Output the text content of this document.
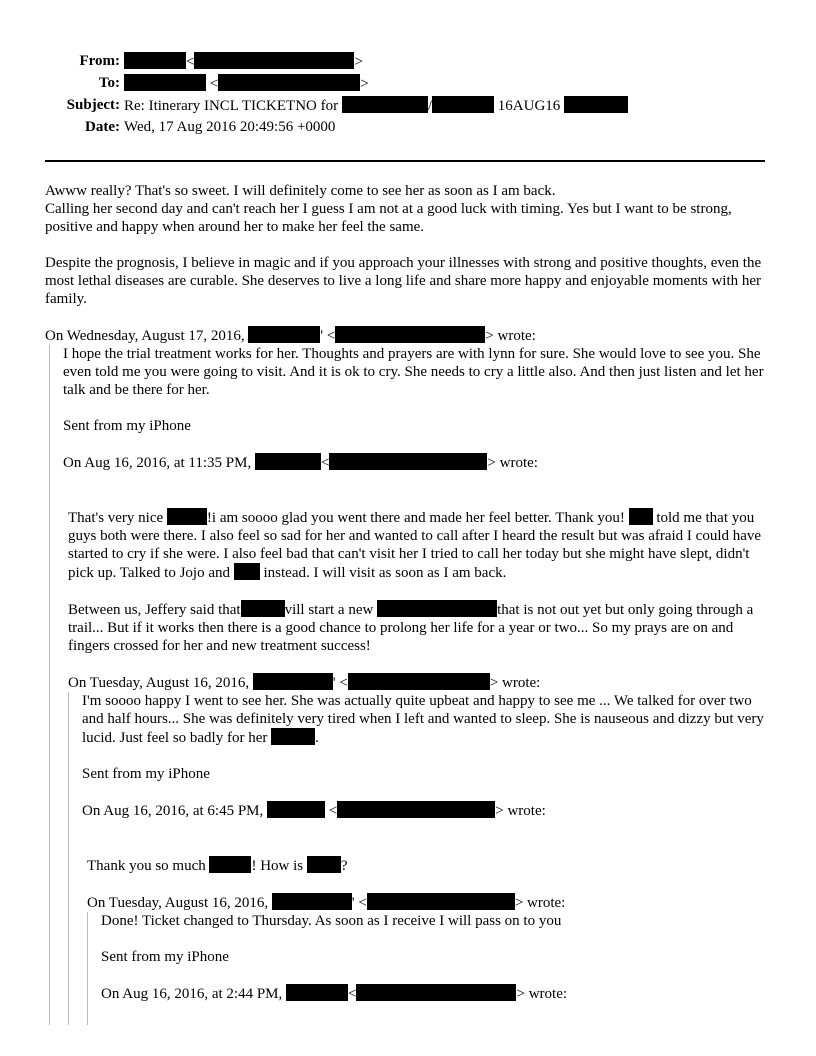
From:	<	>
To:	<	>
Subject: Re: Itinerary INCL TICKETNO for	/	16AUG16
Date: Wed, 17 Aug 2016 20:49:56 +0000

Awww really? That's so sweet. I will definitely come to see her as soon as I am back.
Calling her second day and can't reach her I guess I am not at a good luck with timing. Yes but I want to be strong, positive and happy when around her to make her feel the same.

Despite the prognosis, I believe in magic and if you approach your illnesses with strong and positive thoughts, even the most lethal diseases are curable. She deserves to live a long life and share more happy and enjoyable moments with her family.

On Wednesday, August 17, 2016,	' <	> wrote:

I hope the trial treatment works for her. Thoughts and prayers are with lynn for sure. She would love to see you. She even told me you were going to visit. And it is ok to cry. She needs to cry a little also. And then just listen and let her talk and be there for her.

Sent from my iPhone

On Aug 16, 2016, at 11:35 PM,	<	> wrote:

That's very nice	!i am soooo glad you went there and made her feel better. Thank you! told me that you guys both were there. I also feel so sad for her and wanted to call after I heard the result but was afraid I could have started to cry if she were. I also feel bad that can't visit her I tried to call her today but she might have slept, didn't pick up. Talked to Jojo and instead. I will visit as soon as I am back.

Between us, Jeffery said that	vill start a new	that is not out yet but only going through a trail... But if it works then there is a good chance to prolong her life for a year or two... So my prays are on and fingers crossed for her and new treatment success!

On Tuesday, August 16, 2016,	' <	> wrote:

I'm soooo happy I went to see her. She was actually quite upbeat and happy to see me ... We talked for over two and half hours... She was definitely very tired when I left and wanted to sleep. She is nauseous and dizzy but very lucid. Just feel so badly for her	.

Sent from my iPhone

On Aug 16, 2016, at 6:45 PM,	<	> wrote:

Thank you so much	! How is	?

On Tuesday, August 16, 2016,	' <	> wrote:

Done! Ticket changed to Thursday. As soon as I receive I will pass on to you

Sent from my iPhone

On Aug 16, 2016, at 2:44 PM,	<	> wrote:
